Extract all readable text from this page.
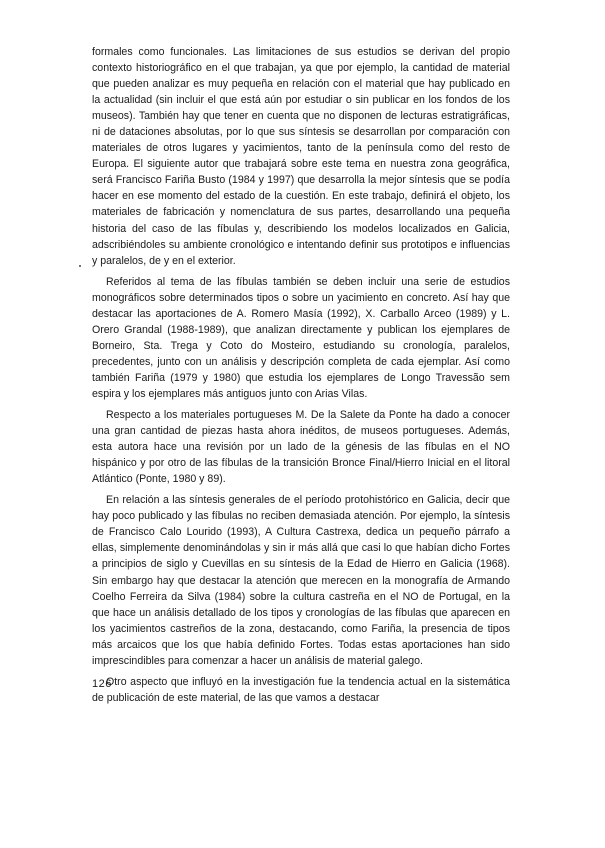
formales como funcionales. Las limitaciones de sus estudios se derivan del propio contexto historiográfico en el que trabajan, ya que por ejemplo, la cantidad de material que pueden analizar es muy pequeña en relación con el material que hay publicado en la actualidad (sin incluir el que está aún por estudiar o sin publicar en los fondos de los museos). También hay que tener en cuenta que no disponen de lecturas estratigráficas, ni de dataciones absolutas, por lo que sus síntesis se desarrollan por comparación con materiales de otros lugares y yacimientos, tanto de la península como del resto de Europa. El siguiente autor que trabajará sobre este tema en nuestra zona geográfica, será Francisco Fariña Busto (1984 y 1997) que desarrolla la mejor síntesis que se podía hacer en ese momento del estado de la cuestión. En este trabajo, definirá el objeto, los materiales de fabricación y nomenclatura de sus partes, desarrollando una pequeña historia del caso de las fíbulas y, describiendo los modelos localizados en Galicia, adscribiéndoles su ambiente cronológico e intentando definir sus prototipos e influencias y paralelos, de y en el exterior.

Referidos al tema de las fíbulas también se deben incluir una serie de estudios monográficos sobre determinados tipos o sobre un yacimiento en concreto. Así hay que destacar las aportaciones de A. Romero Masía (1992), X. Carballo Arceo (1989) y L. Orero Grandal (1988-1989), que analizan directamente y publican los ejemplares de Borneiro, Sta. Trega y Coto do Mosteiro, estudiando su cronología, paralelos, precedentes, junto con un análisis y descripción completa de cada ejemplar. Así como también Fariña (1979 y 1980) que estudia los ejemplares de Longo Travessão sem espira y los ejemplares más antiguos junto con Arias Vilas.

Respecto a los materiales portugueses M. De la Salete da Ponte ha dado a conocer una gran cantidad de piezas hasta ahora inéditos, de museos portugueses. Además, esta autora hace una revisión por un lado de la génesis de las fíbulas en el NO hispánico y por otro de las fíbulas de la transición Bronce Final/Hierro Inicial en el litoral Atlántico (Ponte, 1980 y 89).

En relación a las síntesis generales de el período protohistórico en Galicia, decir que hay poco publicado y las fíbulas no reciben demasiada atención. Por ejemplo, la síntesis de Francisco Calo Lourido (1993), A Cultura Castrexa, dedica un pequeño párrafo a ellas, simplemente denominándolas y sin ir más allá que casi lo que habían dicho Fortes a principios de siglo y Cuevillas en su síntesis de la Edad de Hierro en Galicia (1968). Sin embargo hay que destacar la atención que merecen en la monografía de Armando Coelho Ferreira da Silva (1984) sobre la cultura castreña en el NO de Portugal, en la que hace un análisis detallado de los tipos y cronologías de las fíbulas que aparecen en los yacimientos castreños de la zona, destacando, como Fariña, la presencia de tipos más arcaicos que los que había definido Fortes. Todas estas aportaciones han sido imprescindibles para comenzar a hacer un análisis de material galego.

Otro aspecto que influyó en la investigación fue la tendencia actual en la sistemática de publicación de este material, de las que vamos a destacar

126
